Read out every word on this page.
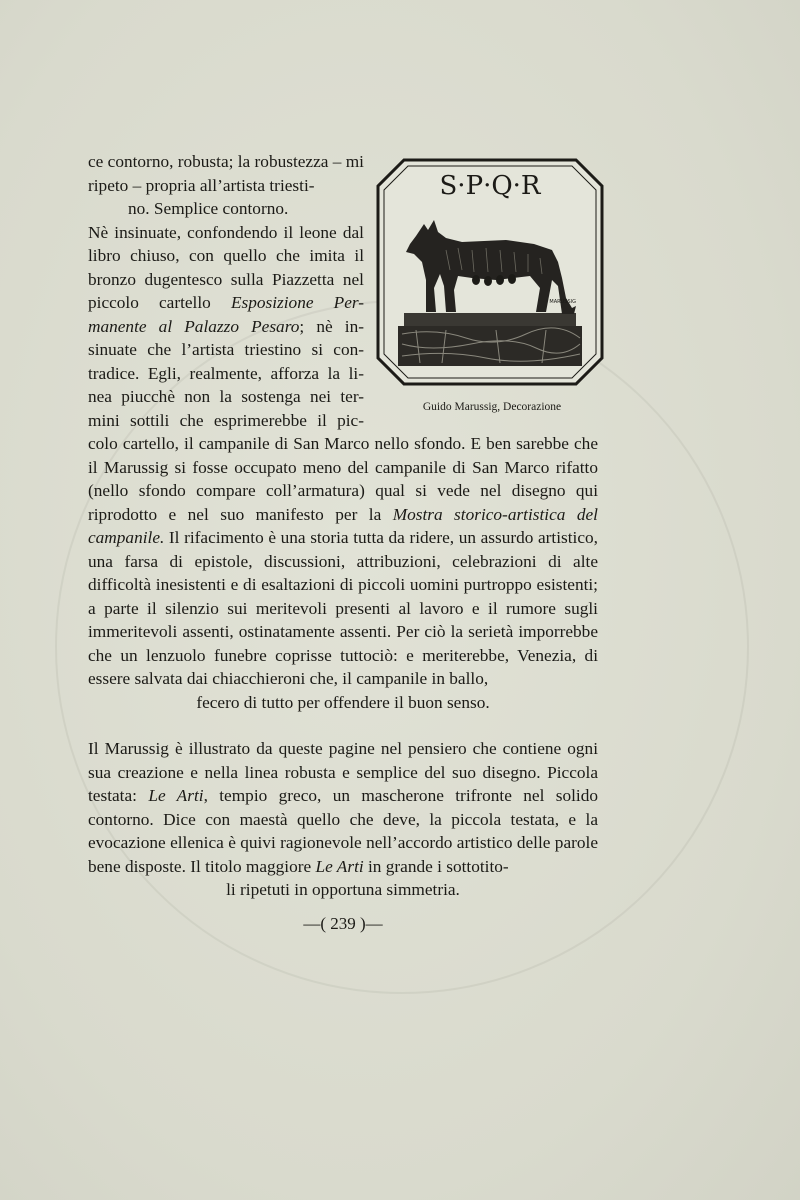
S·P·Q·R
MARUSSIG
Guido Marussig, Decorazione

ce contorno, robusta; la robustezza – mi ripeto – propria all’artista triesti-
no. Semplice contorno.
Nè insinuate, confondendo il leone dal libro chiuso, con quello che imita il bronzo dugentesco sulla Piazzetta nel piccolo cartello Esposizione Per- manente al Palazzo Pesaro; nè in- sinuate che l’artista triestino si con- tradice. Egli, realmente, afforza la li- nea piucchè non la sostenga nei ter- mini sottili che esprimerebbe il pic- colo cartello, il campanile di San Marco nello sfondo. E ben sarebbe che il Marussig si fosse occupato meno del campanile di San Marco rifatto (nello sfondo compare coll’armatura) qual si vede nel disegno qui riprodotto e nel suo manifesto per la Mostra storico-artistica del campanile. Il rifacimento è una storia tutta da ridere, un assurdo artistico, una farsa di epistole, discussioni, attribuzioni, celebrazioni di alte difficoltà inesistenti e di esaltazioni di piccoli uomini purtroppo esistenti; a parte il silenzio sui meritevoli presenti al lavoro e il rumore sugli immeritevoli assenti, ostinatamente assenti. Per ciò la serietà imporrebbe che un lenzuolo funebre coprisse tuttociò: e meriterebbe, Venezia, di essere salvata dai chiacchieroni che, il campanile in ballo,

fecero di tutto per offendere il buon senso.

Il Marussig è illustrato da queste pagine nel pensiero che contiene ogni sua creazione e nella linea robusta e semplice del suo disegno. Piccola testata: Le Arti, tempio greco, un mascherone trifronte nel solido contorno. Dice con maestà quello che deve, la piccola testata, e la evocazione ellenica è quivi ragionevole nell’accordo artistico delle parole bene disposte. Il titolo maggiore Le Arti in grande i sottotito-

li ripetuti in opportuna simmetria.

—( 239 )—
